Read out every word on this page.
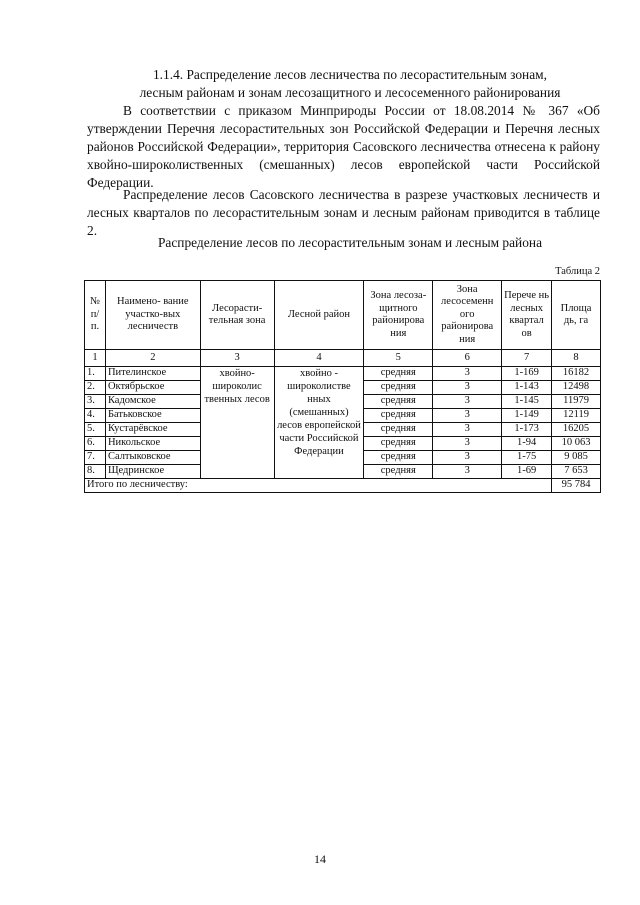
1.1.4. Распределение лесов лесничества по лесорастительным зонам,
лесным районам и зонам лесозащитного и лесосеменного районирования
В соответствии с приказом Минприроды России от 18.08.2014 № 367 «Об утверждении Перечня лесорастительных зон Российской Федерации и Перечня лесных районов Российской Федерации», территория Сасовского лесничества отнесена к району хвойно-широколиственных (смешанных) лесов европейской части Российской Федерации.
Распределение лесов Сасовского лесничества в разрезе участковых лесничеств и лесных кварталов по лесорастительным зонам и лесным районам приводится в таблице 2.
Распределение лесов по лесорастительным зонам и лесным района
Таблица 2
№ п/ п.	Наимено- вание участко-вых лесничеств	Лесорасти- тельная зона	Лесной район	Зона лесоза- щитного районирова ния	Зона лесосеменн ого районирова ния	Перече нь лесных квартал ов	Площа дь, га
1	2	3	4	5	6	7	8
1.	Пителинское	хвойно- широколис твенных лесов	хвойно - широколистве нных (смешанных) лесов европейской части Российской Федерации	средняя	3	1-169	16182
2.	Октябрьское			средняя	3	1-143	12498
3.	Кадомское			средняя	3	1-145	11979
4.	Батьковское			средняя	3	1-149	12119
5.	Кустарёвское			средняя	3	1-173	16205
6.	Никольское			средняя	3	1-94	10 063
7.	Салтыковское			средняя	3	1-75	9 085
8.	Щедринское			средняя	3	1-69	7 653
Итого по лесничеству:							95 784
14
